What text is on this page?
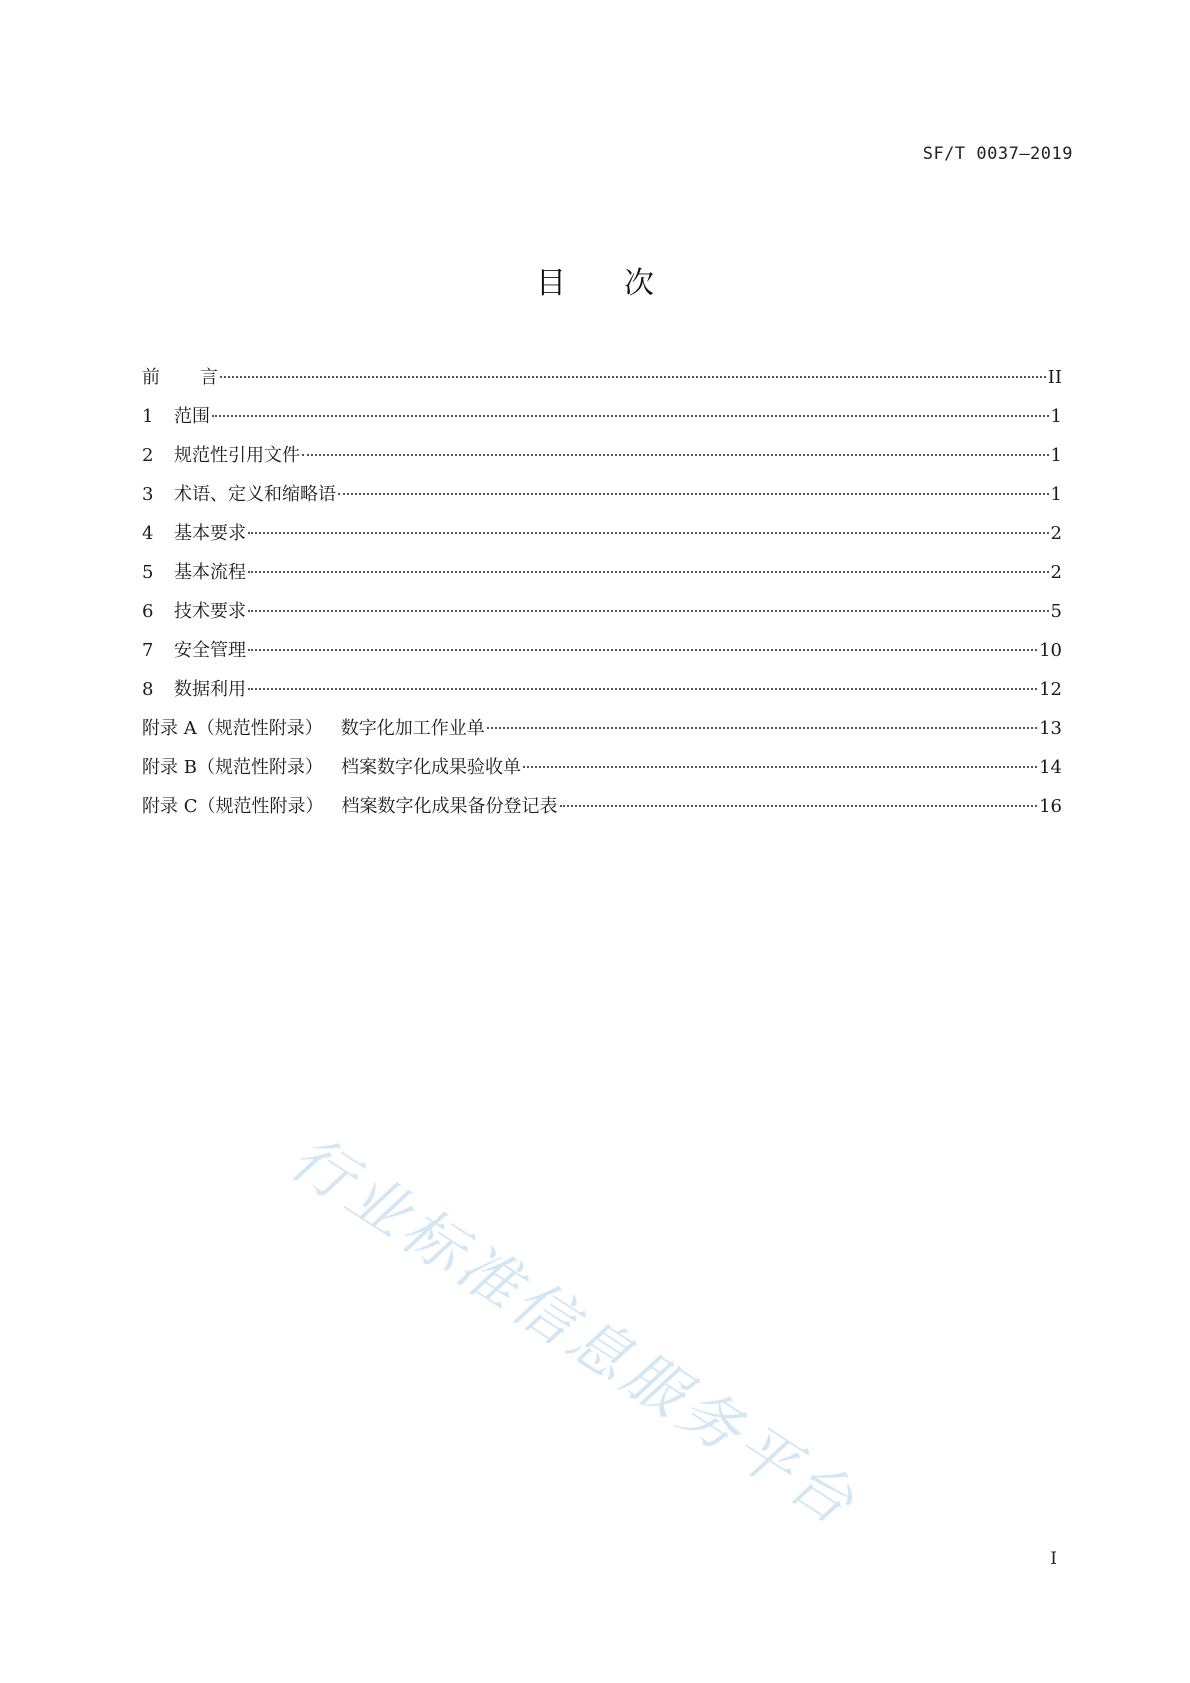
SF/T 0037—2019
目 次
前 言	II
1	范围	1
2	规范性引用文件	1
3	术语、定义和缩略语	1
4	基本要求	2
5	基本流程	2
6	技术要求	5
7	安全管理	10
8	数据利用	12
附录 A（规范性附录） 数字化加工作业单	13
附录 B（规范性附录） 档案数字化成果验收单	14
附录 C（规范性附录） 档案数字化成果备份登记表	16
行业标准信息服务平台
I
